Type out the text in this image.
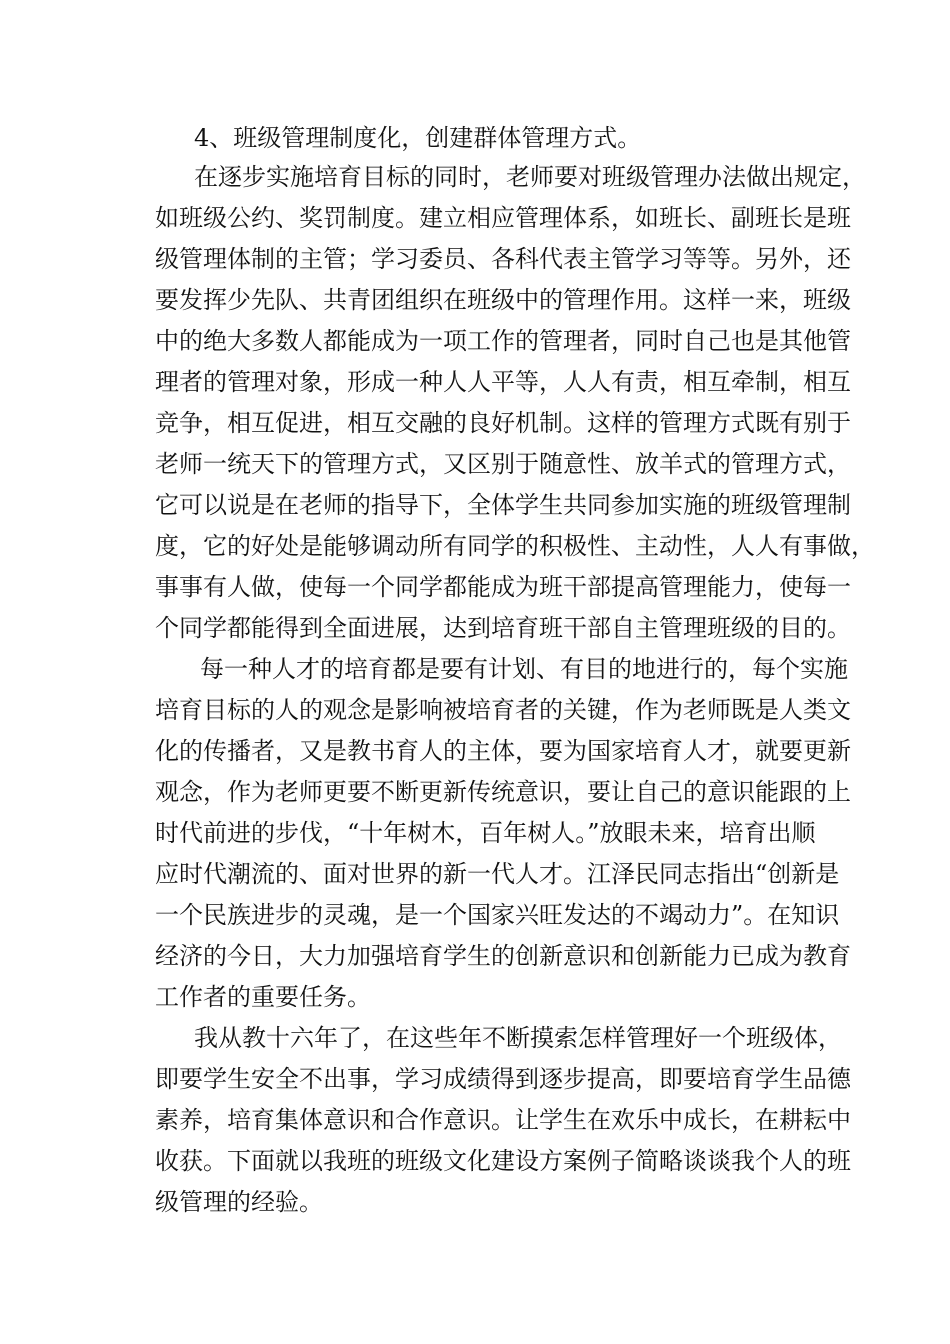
4、班级管理制度化，创建群体管理方式。

在逐步实施培育目标的同时，老师要对班级管理办法做出规定，

如班级公约、奖罚制度。建立相应管理体系，如班长、副班长是班

级管理体制的主管；学习委员、各科代表主管学习等等。另外，还

要发挥少先队、共青团组织在班级中的管理作用。这样一来，班级

中的绝大多数人都能成为一项工作的管理者，同时自己也是其他管

理者的管理对象，形成一种人人平等，人人有责，相互牵制，相互

竞争，相互促进，相互交融的良好机制。这样的管理方式既有别于

老师一统天下的管理方式，又区别于随意性、放羊式的管理方式，

它可以说是在老师的指导下，全体学生共同参加实施的班级管理制

度，它的好处是能够调动所有同学的积极性、主动性，人人有事做，

事事有人做，使每一个同学都能成为班干部提高管理能力，使每一

个同学都能得到全面进展，达到培育班干部自主管理班级的目的。

每一种人才的培育都是要有计划、有目的地进行的，每个实施

培育目标的人的观念是影响被培育者的关键，作为老师既是人类文

化的传播者，又是教书育人的主体，要为国家培育人才，就要更新

观念，作为老师更要不断更新传统意识，要让自己的意识能跟的上

时代前进的步伐，“十年树木，百年树人。”放眼未来，培育出顺

应时代潮流的、面对世界的新一代人才。江泽民同志指出“创新是

一个民族进步的灵魂，是一个国家兴旺发达的不竭动力”。在知识

经济的今日，大力加强培育学生的创新意识和创新能力已成为教育

工作者的重要任务。

我从教十六年了，在这些年不断摸索怎样管理好一个班级体，

即要学生安全不出事，学习成绩得到逐步提高，即要培育学生品德

素养，培育集体意识和合作意识。让学生在欢乐中成长，在耕耘中

收获。下面就以我班的班级文化建设方案例子简略谈谈我个人的班

级管理的经验。
